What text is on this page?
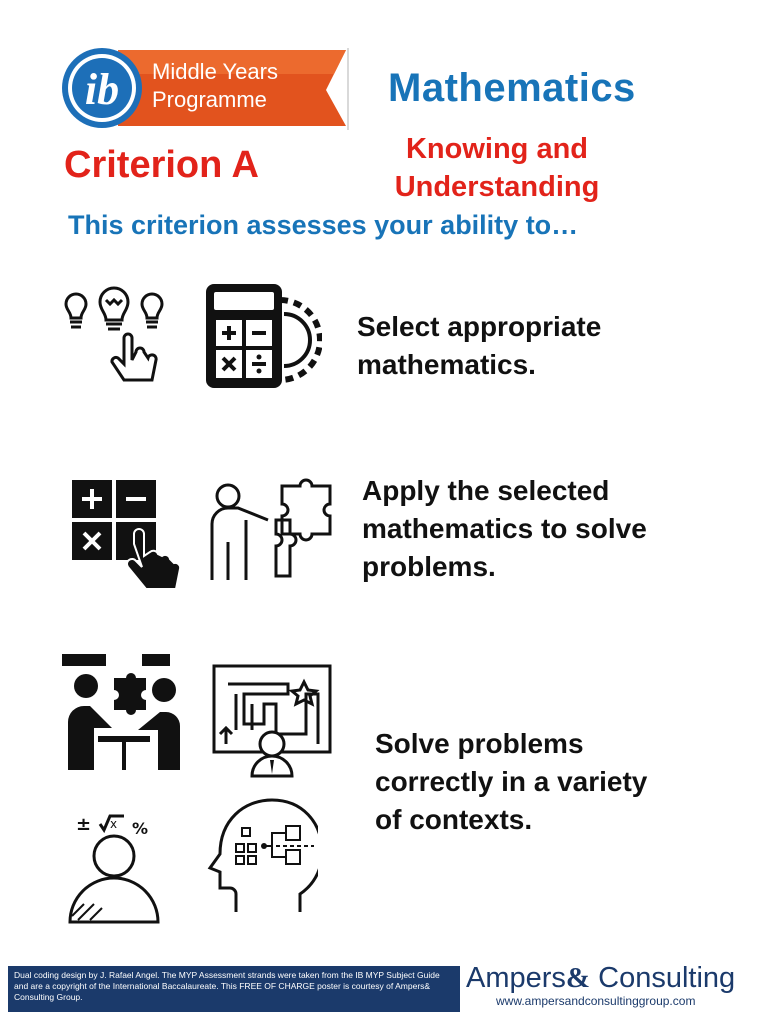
ib Middle Years
Programme	Mathematics
Criterion A	Knowing and
Understanding
This criterion assesses your ability to…
Select appropriate
mathematics.
Apply the selected
mathematics to solve
problems.
Solve problems
correctly in a variety
of contexts.
± x %
Dual coding design by J. Rafael Angel. The MYP Assessment strands were taken from the IB MYP Subject Guide and are a copyright of the International Baccalaureate. This FREE OF CHARGE poster is courtesy of Ampers& Consulting Group.
Ampers& Consulting
www.ampersandconsultinggroup.com
